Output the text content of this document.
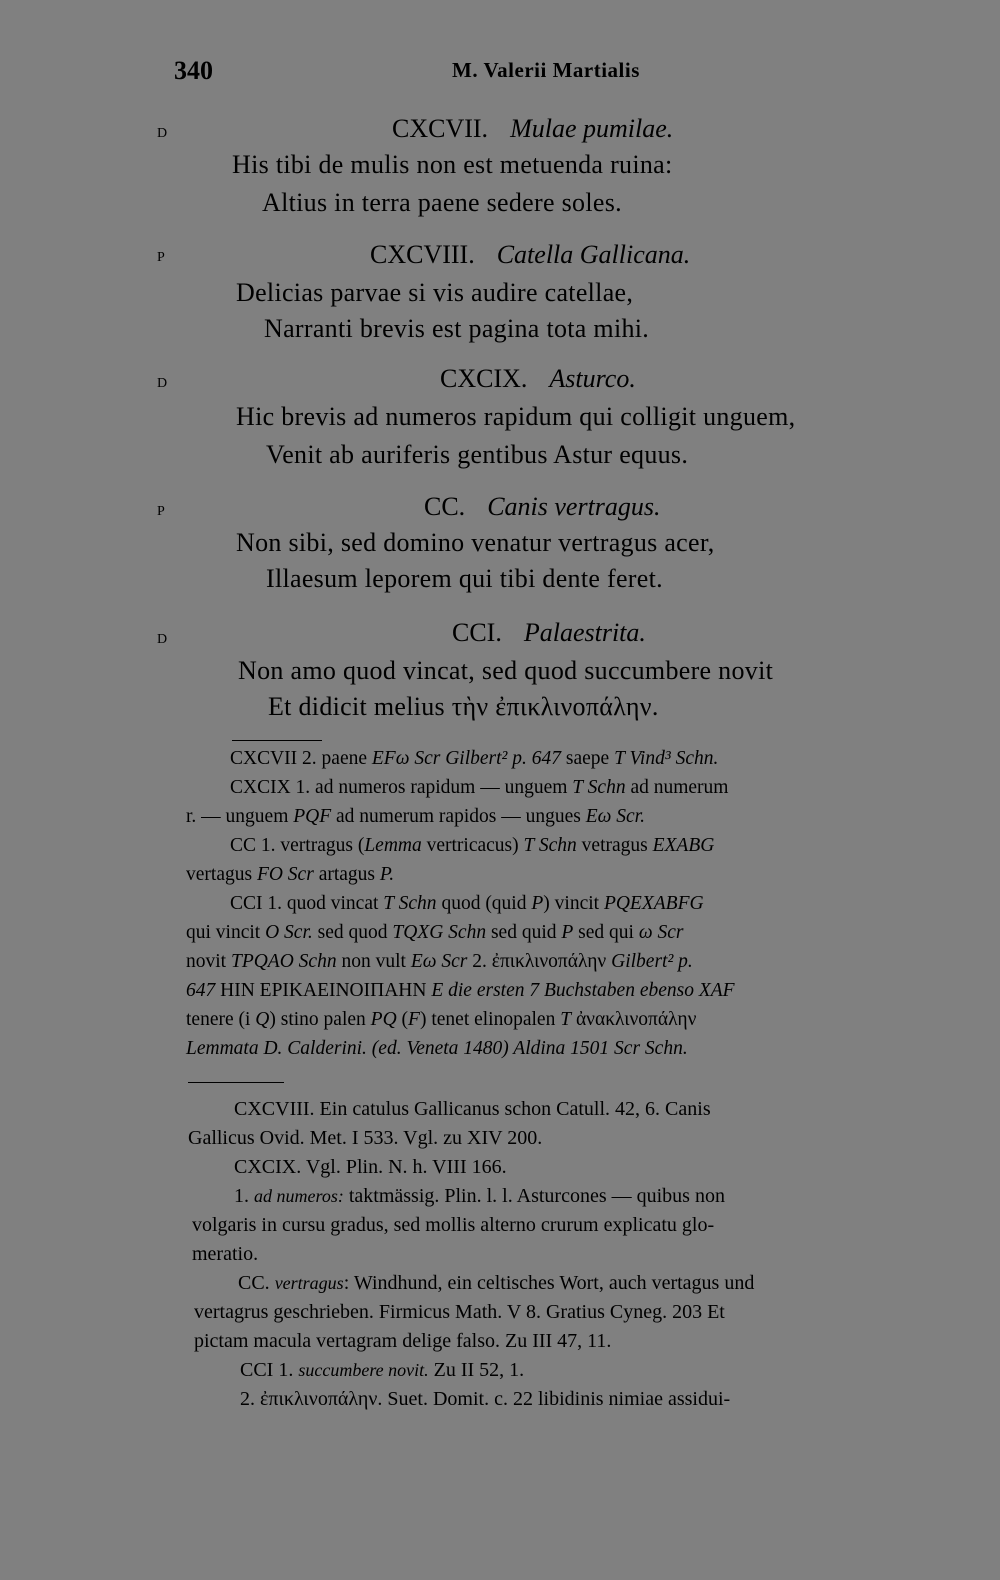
340	M. Valerii Martialis
D	CXCVII. Mulae pumilae.
His tibi de mulis non est metuenda ruina:
Altius in terra paene sedere soles.
P	CXCVIII. Catella Gallicana.
Delicias parvae si vis audire catellae,
Narranti brevis est pagina tota mihi.
D	CXCIX. Asturco.
Hic brevis ad numeros rapidum qui colligit unguem,
Venit ab auriferis gentibus Astur equus.
P	CC. Canis vertragus.
Non sibi, sed domino venatur vertragus acer,
Illaesum leporem qui tibi dente feret.
D	CCI. Palaestrita.
Non amo quod vincat, sed quod succumbere novit
Et didicit melius τὴν ἐπικλινοπάλην.
CXCVII 2. paene EFω Scr Gilbert² p. 647 saepe T Vind³ Schn.
CXCIX 1. ad numeros rapidum — unguem T Schn ad numerum
r. — unguem PQF ad numerum rapidos — ungues Eω Scr.
CC 1. vertragus (Lemma vertricacus) T Schn vetragus EXABG
vertagus FO Scr artagus P.
CCI 1. quod vincat T Schn quod (quid P) vincit PQEXABFG
qui vincit O Scr. sed quod TQXG Schn sed quid P sed qui ω Scr
novit TPQAO Schn non vult Eω Scr 2. ἐπικλινοπάλην Gilbert² p.
647 HIN EPIKAEINOIΠAHN E die ersten 7 Buchstaben ebenso XAF
tenere (i Q) stino palen PQ (F) tenet elinopalen T ἀνακλινοπάλην
Lemmata D. Calderini. (ed. Veneta 1480) Aldina 1501 Scr Schn.
CXCVIII. Ein catulus Gallicanus schon Catull. 42, 6. Canis
Gallicus Ovid. Met. I 533. Vgl. zu XIV 200.
CXCIX. Vgl. Plin. N. h. VIII 166.
1. ad numeros: taktmässig. Plin. l. l. Asturcones — quibus non
volgaris in cursu gradus, sed mollis alterno crurum explicatu glo-
meratio.
CC. vertragus: Windhund, ein celtisches Wort, auch vertagus und
vertagrus geschrieben. Firmicus Math. V 8. Gratius Cyneg. 203 Et
pictam macula vertagram delige falso. Zu III 47, 11.
CCI 1. succumbere novit. Zu II 52, 1.
2. ἐπικλινοπάλην. Suet. Domit. c. 22 libidinis nimiae assidui-
